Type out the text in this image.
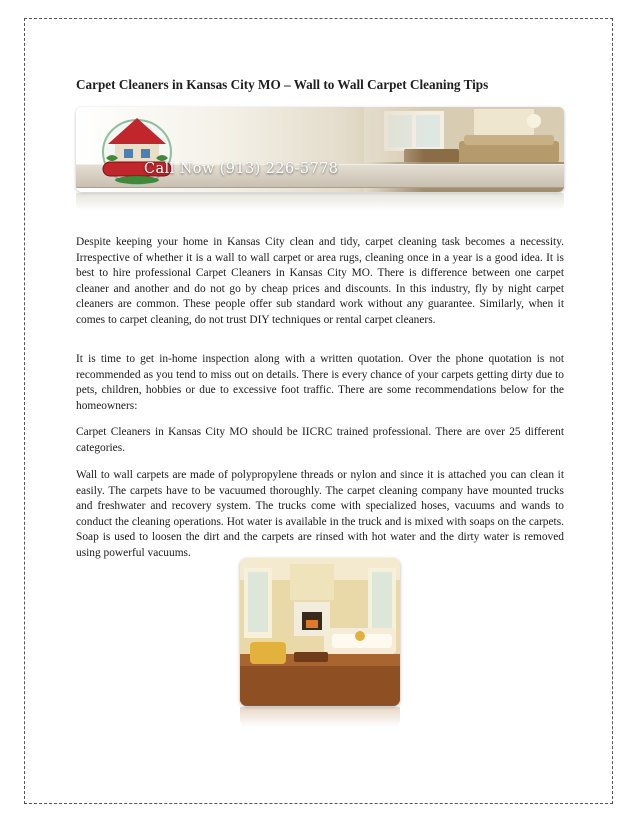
Carpet Cleaners in Kansas City MO – Wall to Wall Carpet Cleaning Tips
Call Now (913) 226-5778

Despite keeping your home in Kansas City clean and tidy, carpet cleaning task becomes a necessity. Irrespective of whether it is a wall to wall carpet or area rugs, cleaning once in a year is a good idea. It is best to hire professional Carpet Cleaners in Kansas City MO. There is difference between one carpet cleaner and another and do not go by cheap prices and discounts. In this industry, fly by night carpet cleaners are common. These people offer sub standard work without any guarantee. Similarly, when it comes to carpet cleaning, do not trust DIY techniques or rental carpet cleaners.

It is time to get in-home inspection along with a written quotation. Over the phone quotation is not recommended as you tend to miss out on details. There is every chance of your carpets getting dirty due to pets, children, hobbies or due to excessive foot traffic. There are some recommendations below for the homeowners:

Carpet Cleaners in Kansas City MO should be IICRC trained professional. There are over 25 different categories.

Wall to wall carpets are made of polypropylene threads or nylon and since it is attached you can clean it easily. The carpets have to be vacuumed thoroughly. The carpet cleaning company have mounted trucks and freshwater and recovery system. The trucks come with specialized hoses, vacuums and wands to conduct the cleaning operations. Hot water is available in the truck and is mixed with soaps on the carpets. Soap is used to loosen the dirt and the carpets are rinsed with hot water and the dirty water is removed using powerful vacuums.
